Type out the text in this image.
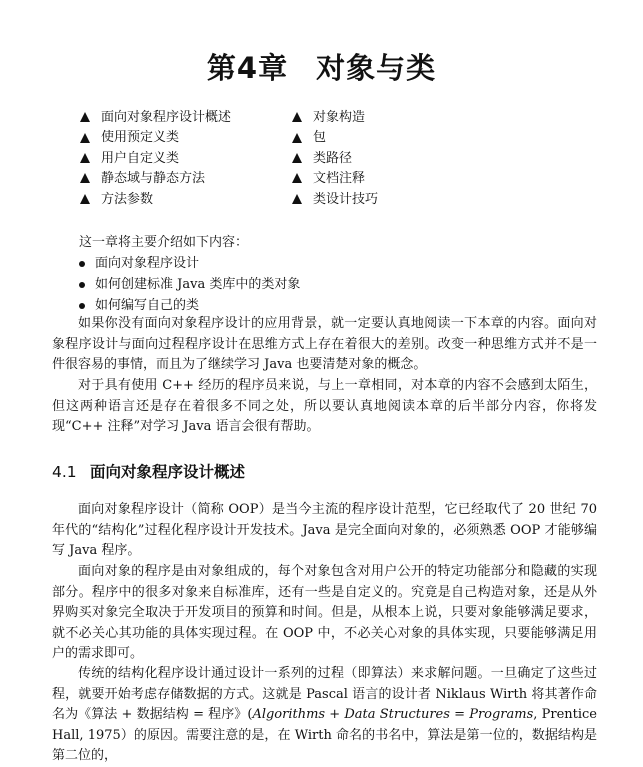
第4章 对象与类
面向对象程序设计概述
使用预定义类
用户自定义类
静态域与静态方法
方法参数
对象构造
包
类路径
文档注释
类设计技巧
这一章将主要介绍如下内容：
面向对象程序设计
如何创建标准 Java 类库中的类对象
如何编写自己的类

如果你没有面向对象程序设计的应用背景，就一定要认真地阅读一下本章的内容。面向对象程序设计与面向过程程序设计在思维方式上存在着很大的差别。改变一种思维方式并不是一件很容易的事情，而且为了继续学习 Java 也要清楚对象的概念。

对于具有使用 C++ 经历的程序员来说，与上一章相同，对本章的内容不会感到太陌生，但这两种语言还是存在着很多不同之处，所以要认真地阅读本章的后半部分内容，你将发现“C++ 注释”对学习 Java 语言会很有帮助。

4.1 面向对象程序设计概述

面向对象程序设计（简称 OOP）是当今主流的程序设计范型，它已经取代了 20 世纪 70 年代的“结构化”过程化程序设计开发技术。Java 是完全面向对象的，必须熟悉 OOP 才能够编写 Java 程序。

面向对象的程序是由对象组成的，每个对象包含对用户公开的特定功能部分和隐藏的实现部分。程序中的很多对象来自标准库，还有一些是自定义的。究竟是自己构造对象，还是从外界购买对象完全取决于开发项目的预算和时间。但是，从根本上说，只要对象能够满足要求，就不必关心其功能的具体实现过程。在 OOP 中，不必关心对象的具体实现，只要能够满足用户的需求即可。

传统的结构化程序设计通过设计一系列的过程（即算法）来求解问题。一旦确定了这些过程，就要开始考虑存储数据的方式。这就是 Pascal 语言的设计者 Niklaus Wirth 将其著作命名为《算法 + 数据结构 = 程序》(Algorithms + Data Structures = Programs, Prentice Hall, 1975）的原因。需要注意的是，在 Wirth 命名的书名中，算法是第一位的，数据结构是第二位的，
